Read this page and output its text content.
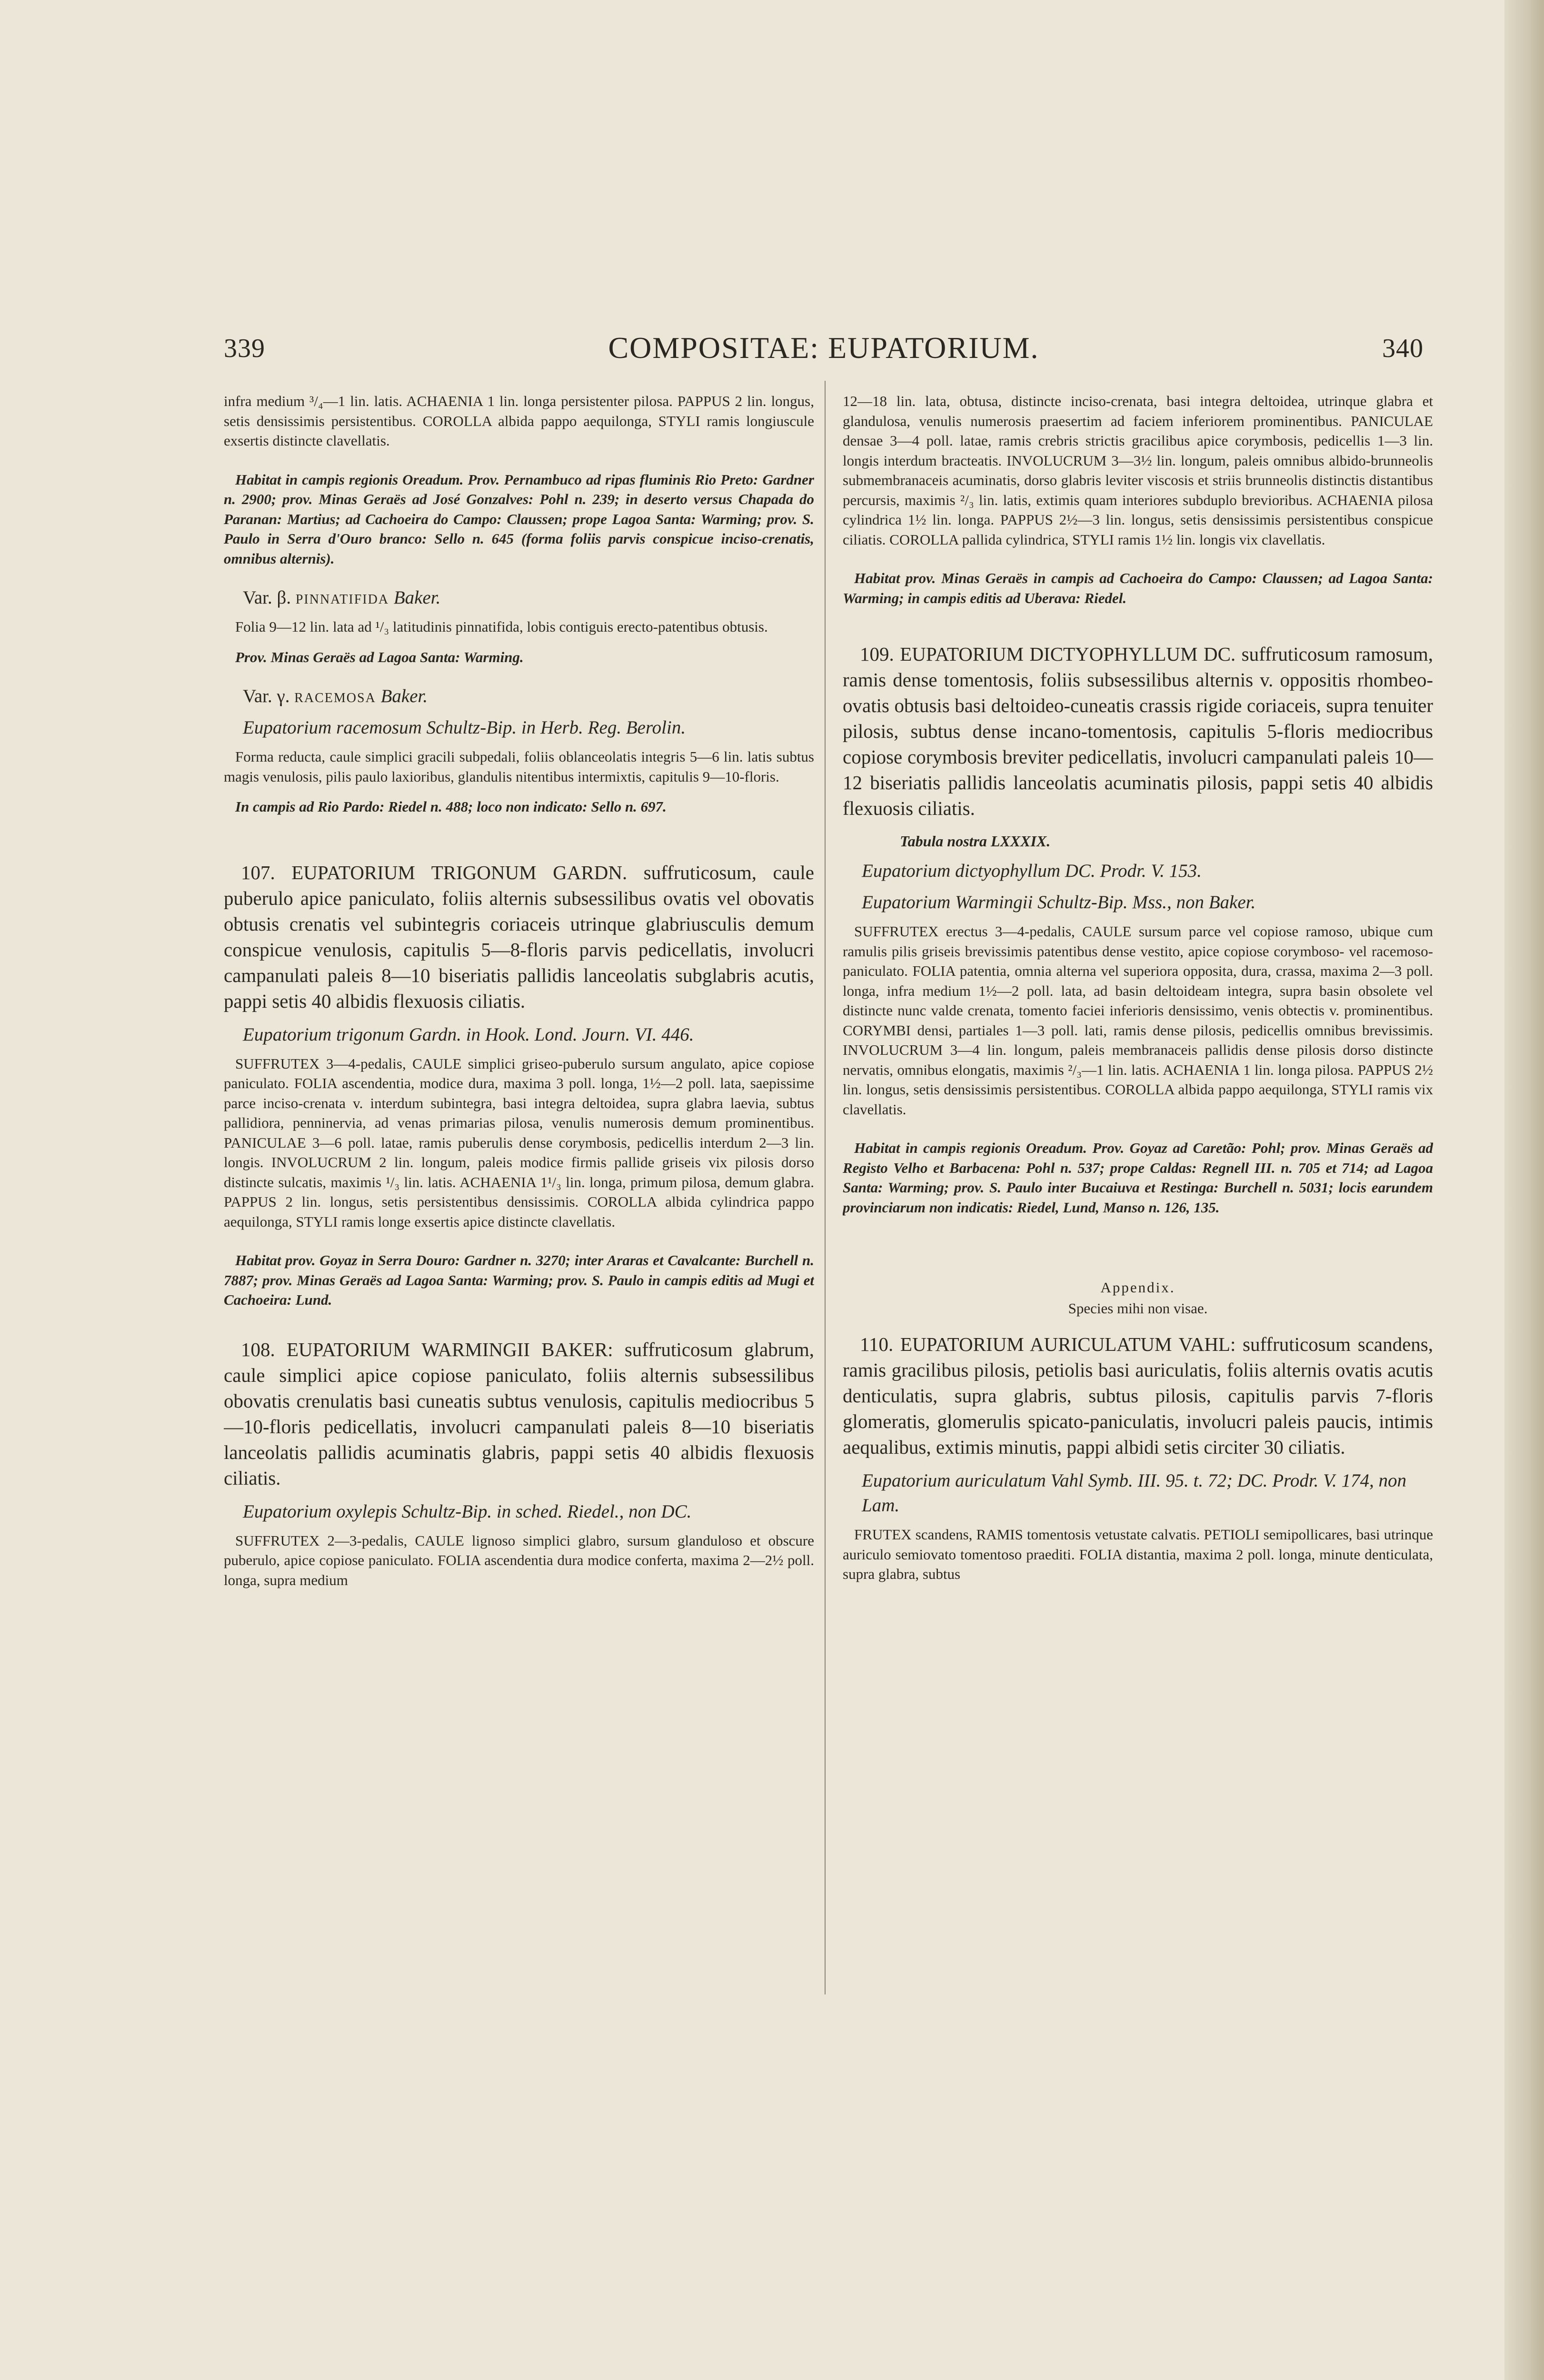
339	COMPOSITAE: EUPATORIUM.	340

infra medium ³/₄—1 lin. latis. ACHAENIA 1 lin. longa persistenter pilosa. PAPPUS 2 lin. longus, setis densissimis persistentibus. COROLLA albida pappo aequilonga, STYLI ramis longiuscule exsertis distincte clavellatis.

Habitat in campis regionis Oreadum. Prov. Pernambuco ad ripas fluminis Rio Preto: Gardner n. 2900; prov. Minas Geraës ad José Gonzalves: Pohl n. 239; in deserto versus Chapada do Paranan: Martius; ad Cachoeira do Campo: Claussen; prope Lagoa Santa: Warming; prov. S. Paulo in Serra d'Ouro branco: Sello n. 645 (forma foliis parvis conspicue inciso-crenatis, omnibus alternis).

Var. β. PINNATIFIDA Baker.

Folia 9—12 lin. lata ad ¹/₃ latitudinis pinnatifida, lobis contiguis erecto-patentibus obtusis.

Prov. Minas Geraës ad Lagoa Santa: Warming.

Var. γ. RACEMOSA Baker.

Eupatorium racemosum Schultz-Bip. in Herb. Reg. Berolin.

Forma reducta, caule simplici gracili subpedali, foliis oblanceolatis integris 5—6 lin. latis subtus magis venulosis, pilis paulo laxioribus, glandulis nitentibus intermixtis, capitulis 9—10-floris.

In campis ad Rio Pardo: Riedel n. 488; loco non indicato: Sello n. 697.

107. EUPATORIUM TRIGONUM GARDN. suffruticosum, caule puberulo apice paniculato, foliis alternis subsessilibus ovatis vel obovatis obtusis crenatis vel subintegris coriaceis utrinque glabriusculis demum conspicue venulosis, capitulis 5—8-floris parvis pedicellatis, involucri campanulati paleis 8—10 biseriatis pallidis lanceolatis subglabris acutis, pappi setis 40 albidis flexuosis ciliatis.

Eupatorium trigonum Gardn. in Hook. Lond. Journ. VI. 446.

SUFFRUTEX 3—4-pedalis, CAULE simplici griseo-puberulo sursum angulato, apice copiose paniculato. FOLIA ascendentia, modice dura, maxima 3 poll. longa, 1½—2 poll. lata, saepissime parce inciso-crenata v. interdum subintegra, basi integra deltoidea, supra glabra laevia, subtus pallidiora, penninervia, ad venas primarias pilosa, venulis numerosis demum prominentibus. PANICULAE 3—6 poll. latae, ramis puberulis dense corymbosis, pedicellis interdum 2—3 lin. longis. INVOLUCRUM 2 lin. longum, paleis modice firmis pallide griseis vix pilosis dorso distincte sulcatis, maximis ¹/₃ lin. latis. ACHAENIA 1¹/₃ lin. longa, primum pilosa, demum glabra. PAPPUS 2 lin. longus, setis persistentibus densissimis. COROLLA albida cylindrica pappo aequilonga, STYLI ramis longe exsertis apice distincte clavellatis.

Habitat prov. Goyaz in Serra Douro: Gardner n. 3270; inter Araras et Cavalcante: Burchell n. 7887; prov. Minas Geraës ad Lagoa Santa: Warming; prov. S. Paulo in campis editis ad Mugi et Cachoeira: Lund.

108. EUPATORIUM WARMINGII BAKER: suffruticosum glabrum, caule simplici apice copiose paniculato, foliis alternis subsessilibus obovatis crenulatis basi cuneatis subtus venulosis, capitulis mediocribus 5—10-floris pedicellatis, involucri campanulati paleis 8—10 biseriatis lanceolatis pallidis acuminatis glabris, pappi setis 40 albidis flexuosis ciliatis.

Eupatorium oxylepis Schultz-Bip. in sched. Riedel., non DC.

SUFFRUTEX 2—3-pedalis, CAULE lignoso simplici glabro, sursum glanduloso et obscure puberulo, apice copiose paniculato. FOLIA ascendentia dura modice conferta, maxima 2—2½ poll. longa, supra medium

12—18 lin. lata, obtusa, distincte inciso-crenata, basi integra deltoidea, utrinque glabra et glandulosa, venulis numerosis praesertim ad faciem inferiorem prominentibus. PANICULAE densae 3—4 poll. latae, ramis crebris strictis gracilibus apice corymbosis, pedicellis 1—3 lin. longis interdum bracteatis. INVOLUCRUM 3—3½ lin. longum, paleis omnibus albido-brunneolis submembranaceis acuminatis, dorso glabris leviter viscosis et striis brunneolis distinctis distantibus percursis, maximis ²/₃ lin. latis, extimis quam interiores subduplo brevioribus. ACHAENIA pilosa cylindrica 1½ lin. longa. PAPPUS 2½—3 lin. longus, setis densissimis persistentibus conspicue ciliatis. COROLLA pallida cylindrica, STYLI ramis 1½ lin. longis vix clavellatis.

Habitat prov. Minas Geraës in campis ad Cachoeira do Campo: Claussen; ad Lagoa Santa: Warming; in campis editis ad Uberava: Riedel.

109. EUPATORIUM DICTYOPHYLLUM DC. suffruticosum ramosum, ramis dense tomentosis, foliis subsessilibus alternis v. oppositis rhombeo-ovatis obtusis basi deltoideo-cuneatis crassis rigide coriaceis, supra tenuiter pilosis, subtus dense incano-tomentosis, capitulis 5-floris mediocribus copiose corymbosis breviter pedicellatis, involucri campanulati paleis 10—12 biseriatis pallidis lanceolatis acuminatis pilosis, pappi setis 40 albidis flexuosis ciliatis.

Tabula nostra LXXXIX.

Eupatorium dictyophyllum DC. Prodr. V. 153.

Eupatorium Warmingii Schultz-Bip. Mss., non Baker.

SUFFRUTEX erectus 3—4-pedalis, CAULE sursum parce vel copiose ramoso, ubique cum ramulis pilis griseis brevissimis patentibus dense vestito, apice copiose corymboso- vel racemoso-paniculato. FOLIA patentia, omnia alterna vel superiora opposita, dura, crassa, maxima 2—3 poll. longa, infra medium 1½—2 poll. lata, ad basin deltoideam integra, supra basin obsolete vel distincte nunc valde crenata, tomento faciei inferioris densissimo, venis obtectis v. prominentibus. CORYMBI densi, partiales 1—3 poll. lati, ramis dense pilosis, pedicellis omnibus brevissimis. INVOLUCRUM 3—4 lin. longum, paleis membranaceis pallidis dense pilosis dorso distincte nervatis, omnibus elongatis, maximis ²/₃—1 lin. latis. ACHAENIA 1 lin. longa pilosa. PAPPUS 2½ lin. longus, setis densissimis persistentibus. COROLLA albida pappo aequilonga, STYLI ramis vix clavellatis.

Habitat in campis regionis Oreadum. Prov. Goyaz ad Caretão: Pohl; prov. Minas Geraës ad Registo Velho et Barbacena: Pohl n. 537; prope Caldas: Regnell III. n. 705 et 714; ad Lagoa Santa: Warming; prov. S. Paulo inter Bucaiuva et Restinga: Burchell n. 5031; locis earundem provinciarum non indicatis: Riedel, Lund, Manso n. 126, 135.

Appendix.

Species mihi non visae.

110. EUPATORIUM AURICULATUM VAHL: suffruticosum scandens, ramis gracilibus pilosis, petiolis basi auriculatis, foliis alternis ovatis acutis denticulatis, supra glabris, subtus pilosis, capitulis parvis 7-floris glomeratis, glomerulis spicato-paniculatis, involucri paleis paucis, intimis aequalibus, extimis minutis, pappi albidi setis circiter 30 ciliatis.

Eupatorium auriculatum Vahl Symb. III. 95. t. 72; DC. Prodr. V. 174, non Lam.

FRUTEX scandens, RAMIS tomentosis vetustate calvatis. PETIOLI semipollicares, basi utrinque auriculo semiovato tomentoso praediti. FOLIA distantia, maxima 2 poll. longa, minute denticulata, supra glabra, subtus
